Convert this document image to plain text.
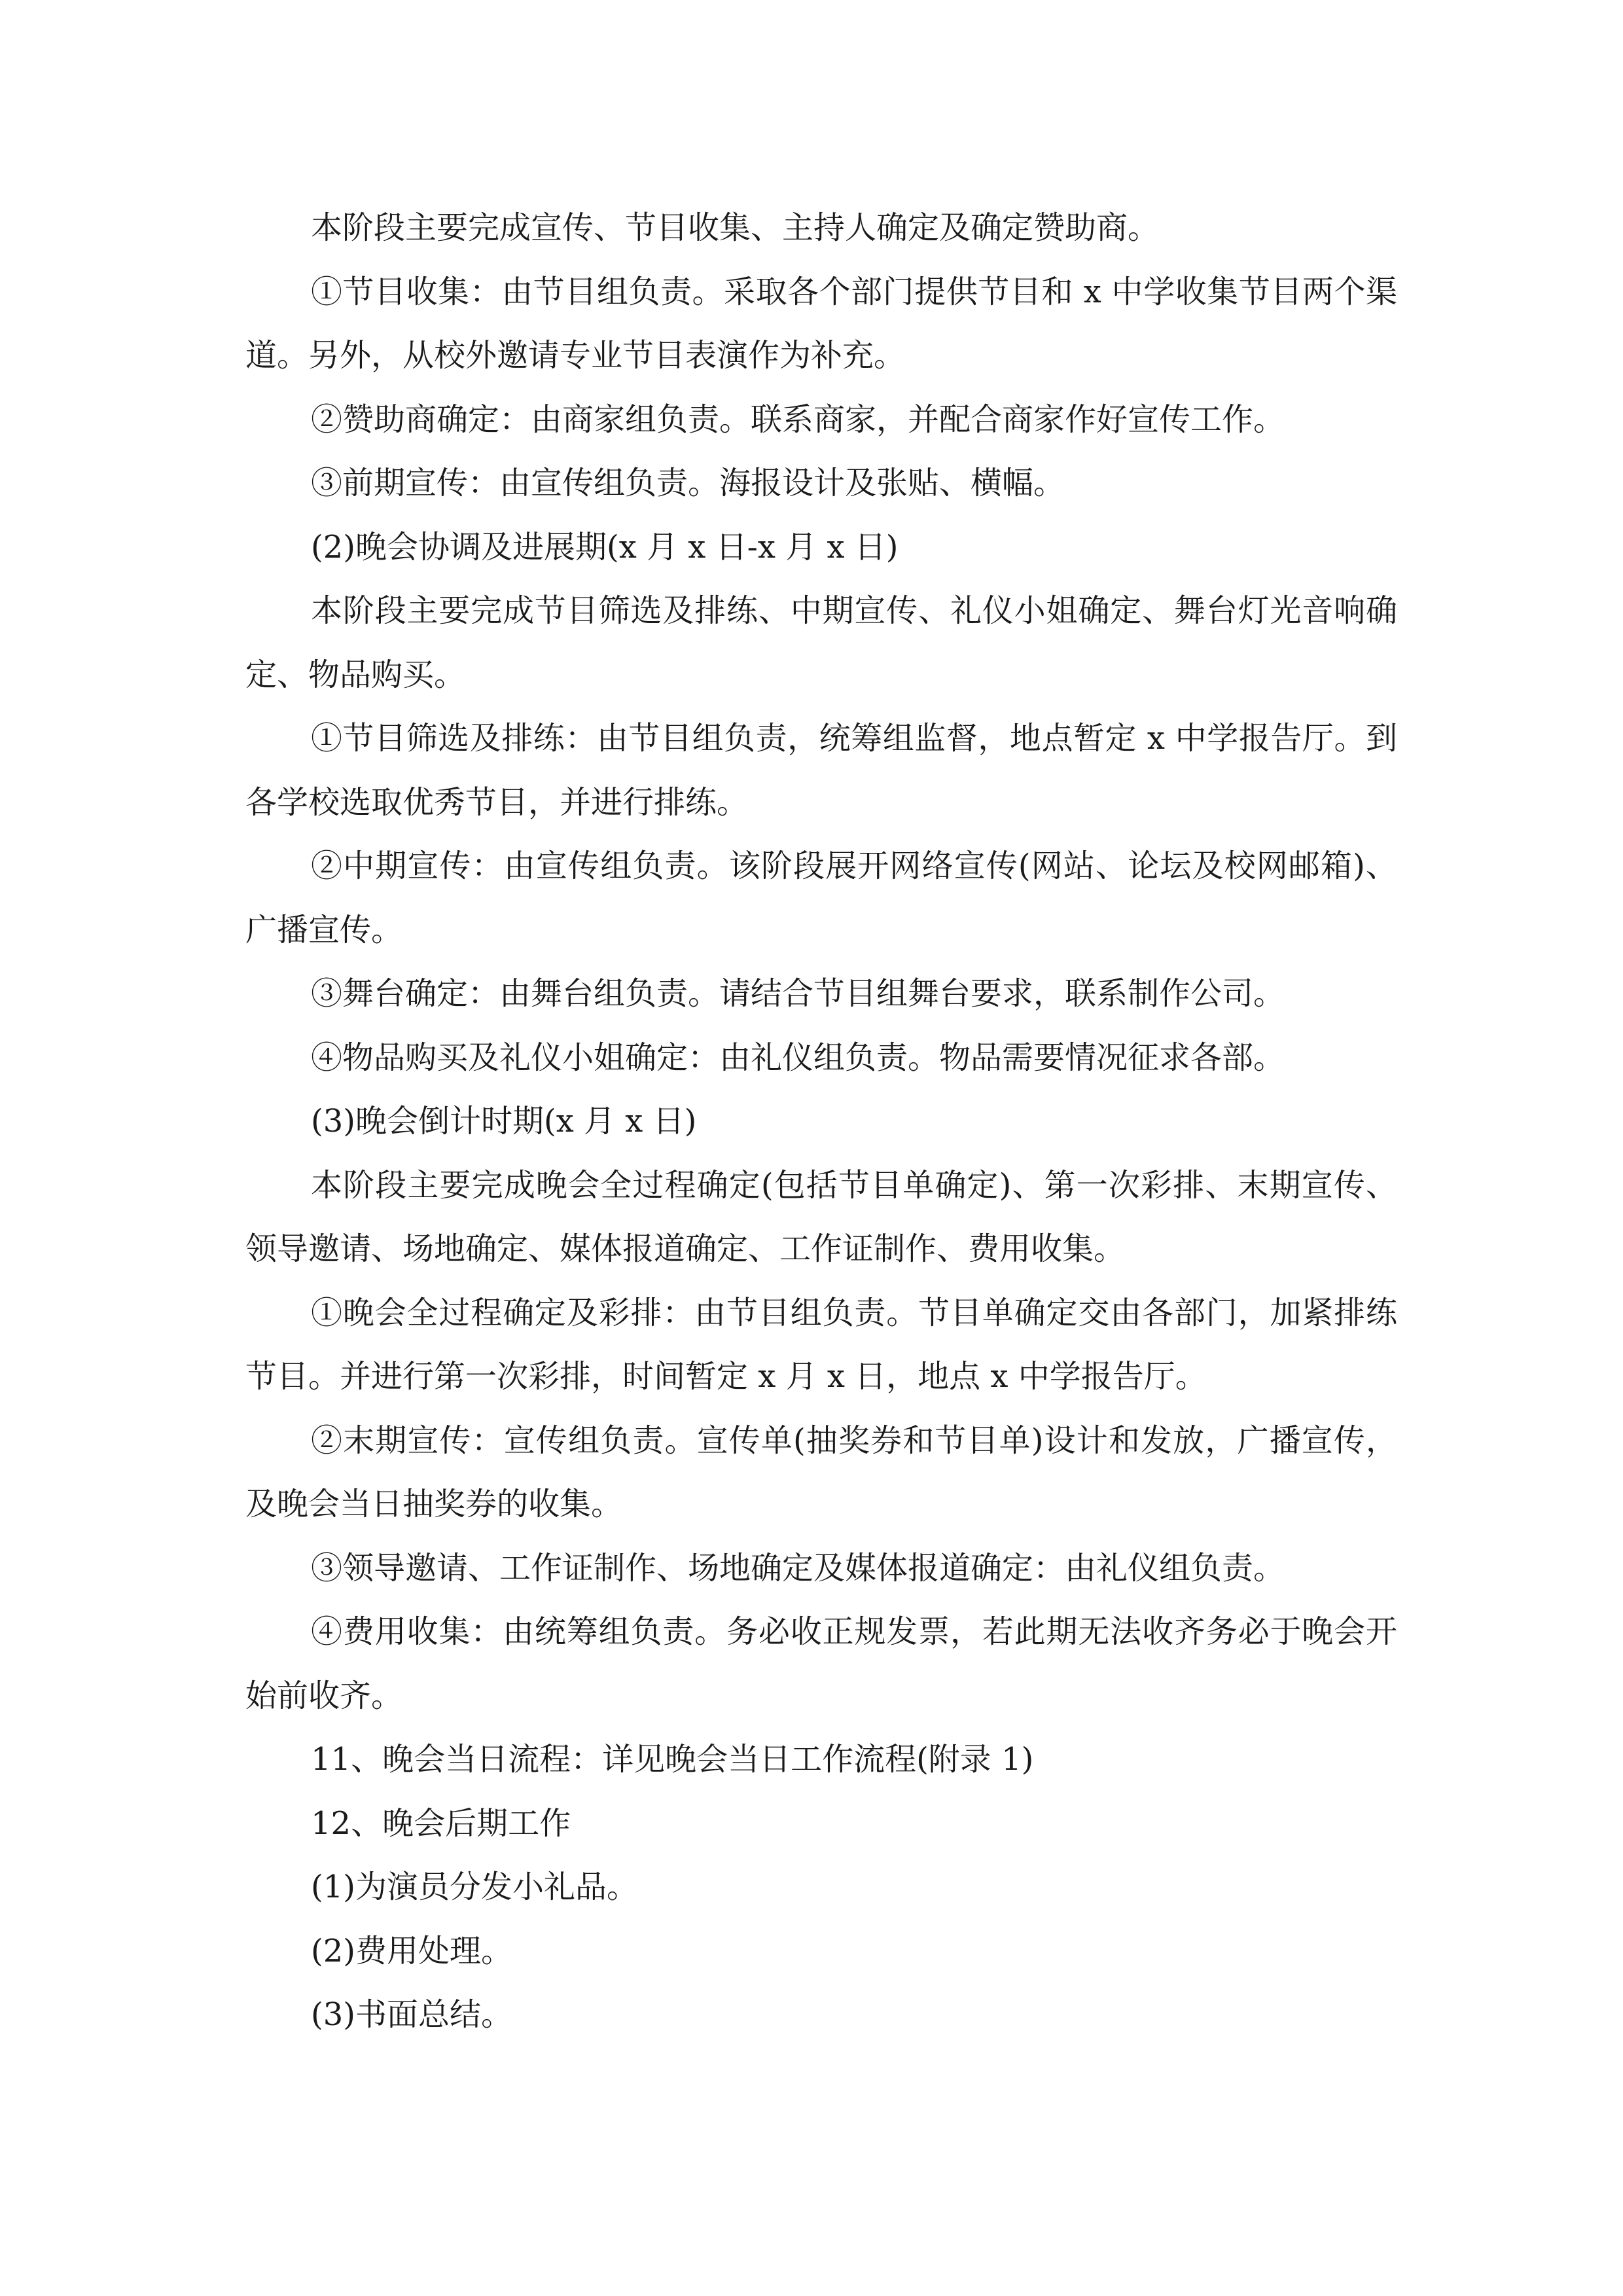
本阶段主要完成宣传、节目收集、主持人确定及确定赞助商。

①节目收集：由节目组负责。采取各个部门提供节目和 x 中学收集节目两个渠道。另外，从校外邀请专业节目表演作为补充。

②赞助商确定：由商家组负责。联系商家，并配合商家作好宣传工作。

③前期宣传：由宣传组负责。海报设计及张贴、横幅。

(2)晚会协调及进展期(x 月 x 日-x 月 x 日)

本阶段主要完成节目筛选及排练、中期宣传、礼仪小姐确定、舞台灯光音响确定、物品购买。

①节目筛选及排练：由节目组负责，统筹组监督，地点暂定 x 中学报告厅。到各学校选取优秀节目，并进行排练。

②中期宣传：由宣传组负责。该阶段展开网络宣传(网站、论坛及校网邮箱)、广播宣传。

③舞台确定：由舞台组负责。请结合节目组舞台要求，联系制作公司。

④物品购买及礼仪小姐确定：由礼仪组负责。物品需要情况征求各部。

(3)晚会倒计时期(x 月 x 日)

本阶段主要完成晚会全过程确定(包括节目单确定)、第一次彩排、末期宣传、领导邀请、场地确定、媒体报道确定、工作证制作、费用收集。

①晚会全过程确定及彩排：由节目组负责。节目单确定交由各部门，加紧排练节目。并进行第一次彩排，时间暂定 x 月 x 日，地点 x 中学报告厅。

②末期宣传：宣传组负责。宣传单(抽奖券和节目单)设计和发放，广播宣传，及晚会当日抽奖券的收集。

③领导邀请、工作证制作、场地确定及媒体报道确定：由礼仪组负责。

④费用收集：由统筹组负责。务必收正规发票，若此期无法收齐务必于晚会开始前收齐。

11、晚会当日流程：详见晚会当日工作流程(附录 1)

12、晚会后期工作

(1)为演员分发小礼品。

(2)费用处理。

(3)书面总结。
